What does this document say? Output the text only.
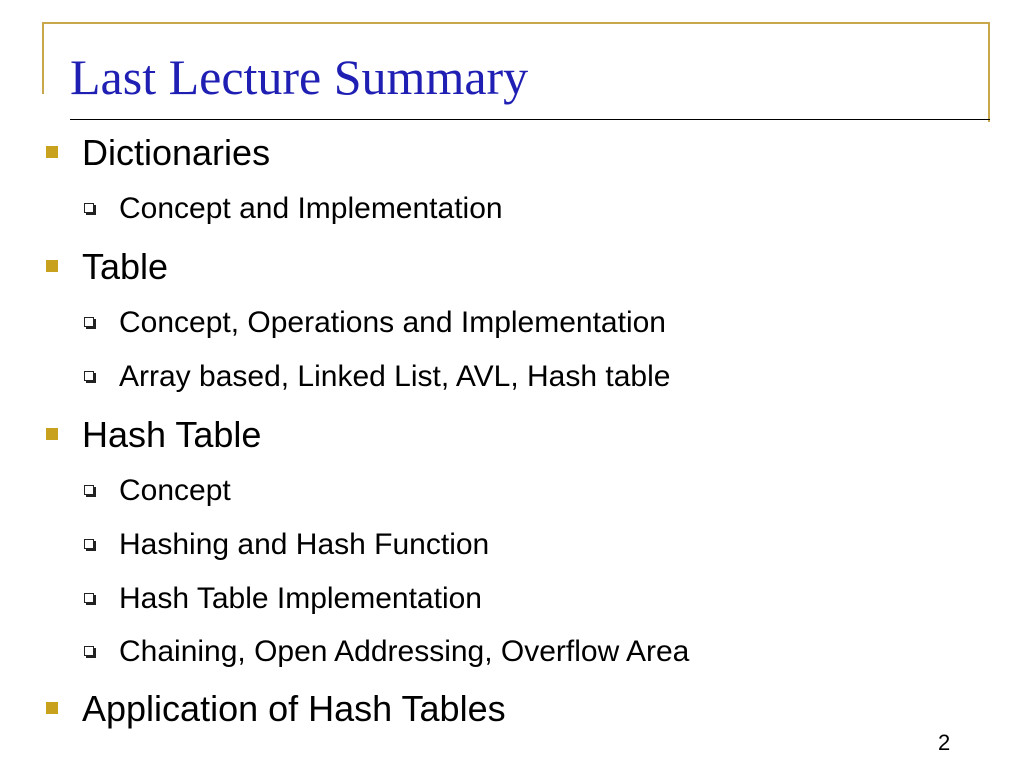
Last Lecture Summary
Dictionaries
Concept and Implementation
Table
Concept, Operations and Implementation
Array based, Linked List, AVL, Hash table
Hash Table
Concept
Hashing and Hash Function
Hash Table Implementation
Chaining, Open Addressing, Overflow Area
Application of Hash Tables
2
